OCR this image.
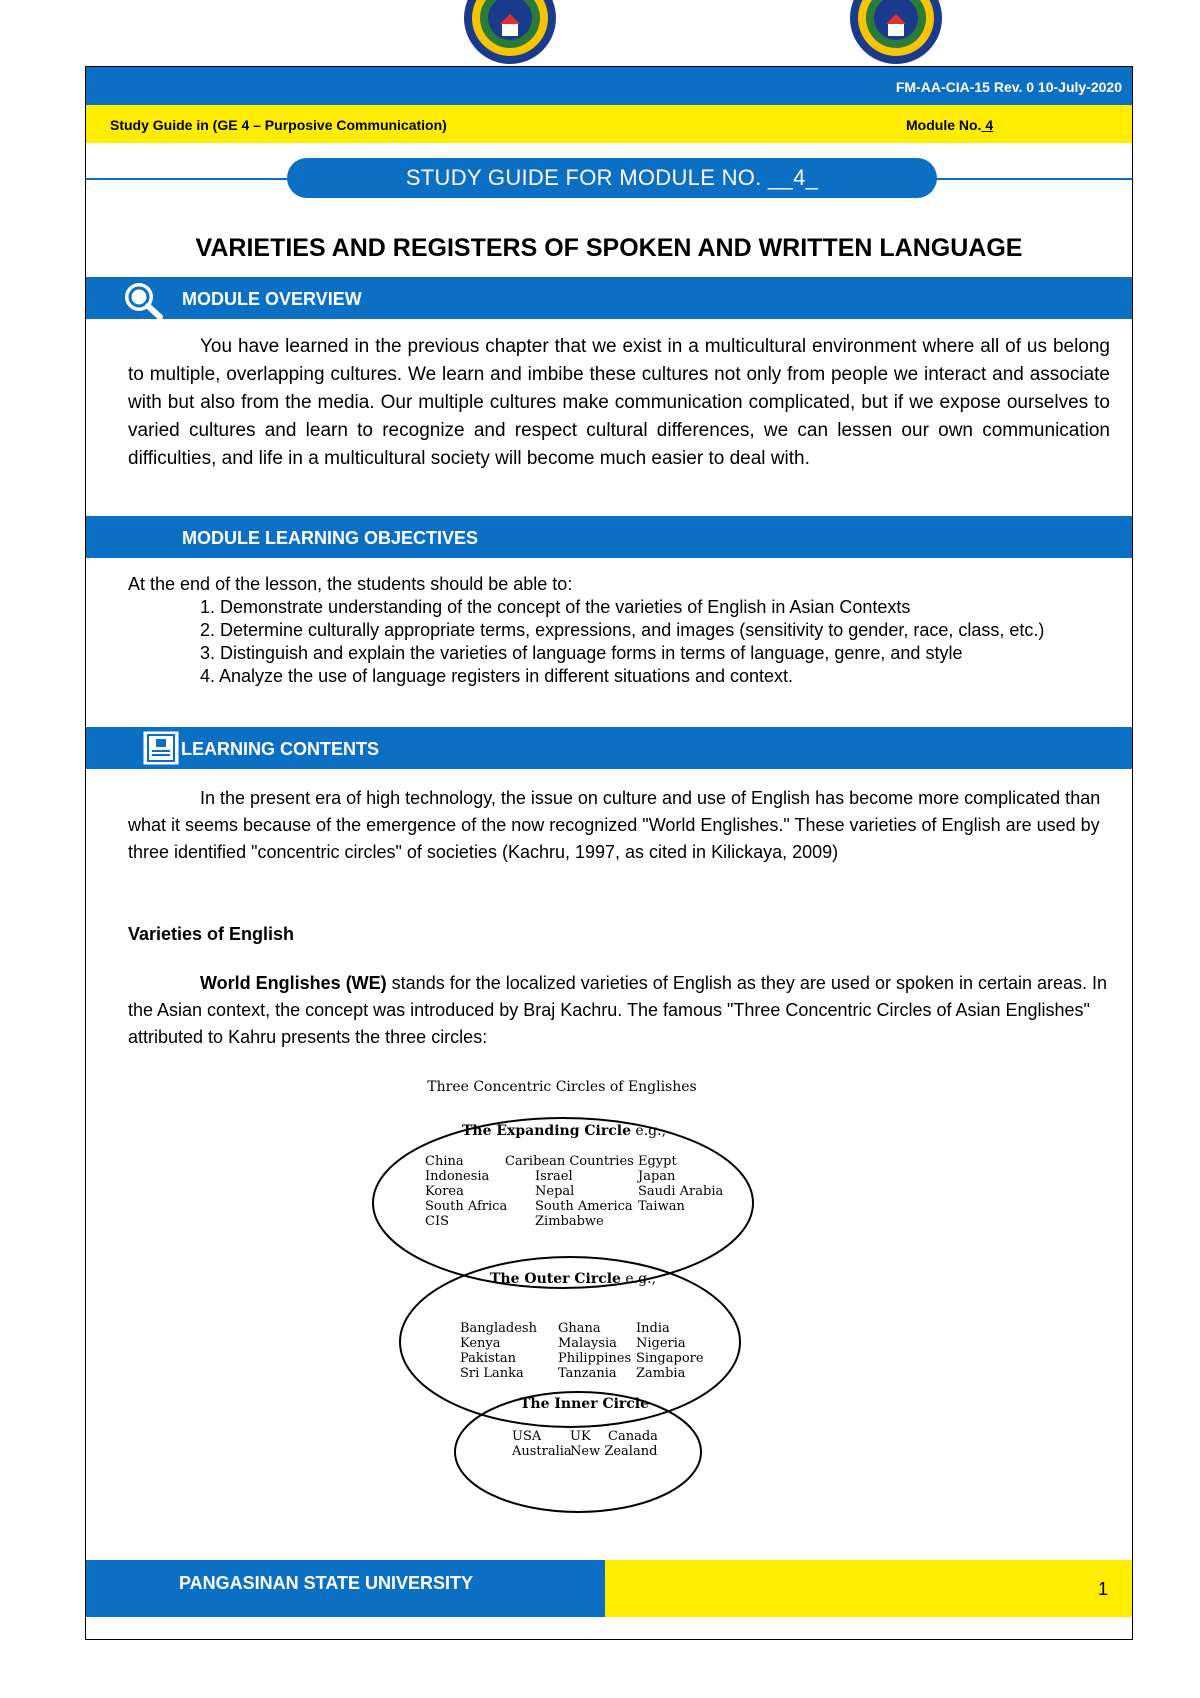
FM-AA-CIA-15 Rev. 0 10-July-2020
Study Guide in (GE 4 – Purposive Communication)	Module No. 4
STUDY GUIDE FOR MODULE NO. __4_
VARIETIES AND REGISTERS OF SPOKEN AND WRITTEN LANGUAGE
MODULE OVERVIEW
You have learned in the previous chapter that we exist in a multicultural environment where all of us belong to multiple, overlapping cultures. We learn and imbibe these cultures not only from people we interact and associate with but also from the media. Our multiple cultures make communication complicated, but if we expose ourselves to varied cultures and learn to recognize and respect cultural differences, we can lessen our own communication difficulties, and life in a multicultural society will become much easier to deal with.
MODULE LEARNING OBJECTIVES
At the end of the lesson, the students should be able to:
1. Demonstrate understanding of the concept of the varieties of English in Asian Contexts
2. Determine culturally appropriate terms, expressions, and images (sensitivity to gender, race, class, etc.)
3. Distinguish and explain the varieties of language forms in terms of language, genre, and style
4. Analyze the use of language registers in different situations and context.
LEARNING CONTENTS
In the present era of high technology, the issue on culture and use of English has become more complicated than what it seems because of the emergence of the now recognized "World Englishes." These varieties of English are used by three identified "concentric circles" of societies (Kachru, 1997, as cited in Kilickaya, 2009)
Varieties of English
World Englishes (WE) stands for the localized varieties of English as they are used or spoken in certain areas. In the Asian context, the concept was introduced by Braj Kachru. The famous "Three Concentric Circles of Asian Englishes" attributed to Kahru presents the three circles:
Three Concentric Circles of Englishes
The Expanding Circle e.g.,
China
Indonesia
Korea
South Africa
CIS
Caribean Countries
Israel
Nepal
South America
Zimbabwe
Egypt
Japan
Saudi Arabia
Taiwan
The Outer Circle e.g.,
Bangladesh
Kenya
Pakistan
Sri Lanka
Ghana
Malaysia
Philippines
Tanzania
India
Nigeria
Singapore
Zambia
The Inner Circle
USA UK Canada
Australia
New Zealand
PANGASINAN STATE UNIVERSITY	1
